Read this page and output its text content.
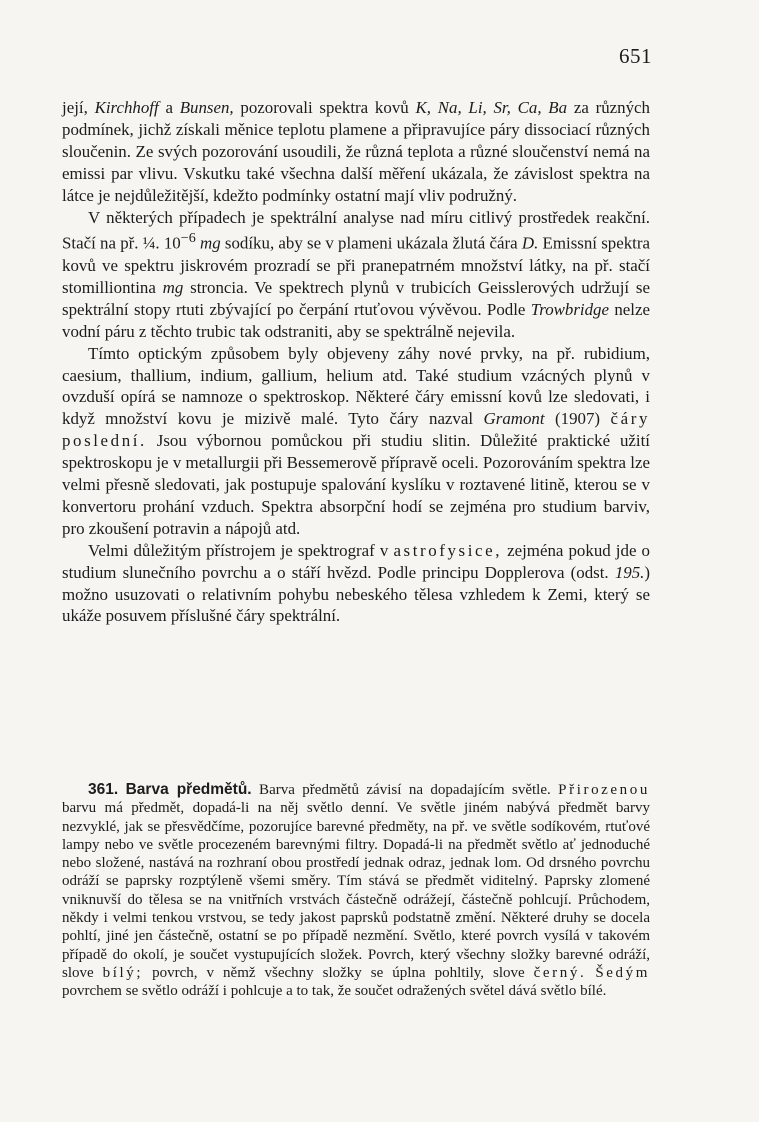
651

její, Kirchhoff a Bunsen, pozorovali spektra kovů K, Na, Li, Sr, Ca, Ba za různých podmínek, jichž získali měnice teplotu plamene a připravujíce páry dissociací různých sloučenin. Ze svých pozorování usoudili, že různá teplota a různé sloučenství nemá na emissi par vlivu. Vskutku také všechna další měření ukázala, že závislost spektra na látce je nejdůležitější, kdežto podmínky ostatní mají vliv podružný.

V některých případech je spektrální analyse nad míru citlivý prostředek reakční. Stačí na př. ¼. $10^{-6}$ mg sodíku, aby se v plameni ukázala žlutá čára D. Emissní spektra kovů ve spektru jiskrovém prozradí se při pranepatrném množství látky, na př. stačí stomilliontina mg stroncia. Ve spektrech plynů v trubicích Geisslerových udržují se spektrální stopy rtuti zbývající po čerpání rtuťovou vývěvou. Podle Trowbridge nelze vodní páru z těchto trubic tak odstraniti, aby se spektrálně nejevila.

Tímto optickým způsobem byly objeveny záhy nové prvky, na př. rubidium, caesium, thallium, indium, gallium, helium atd. Také studium vzácných plynů v ovzduší opírá se namnoze o spektroskop. Některé čáry emissní kovů lze sledovati, i když množství kovu je mizivě malé. Tyto čáry nazval Gramont (1907) čáry poslední. Jsou výbornou pomůckou při studiu slitin. Důležité praktické užití spektroskopu je v metallurgii při Bessemerově přípravě oceli. Pozorováním spektra lze velmi přesně sledovati, jak postupuje spalování kyslíku v roztavené litině, kterou se v konvertoru prohání vzduch. Spektra absorpční hodí se zejména pro studium barviv, pro zkoušení potravin a nápojů atd.

Velmi důležitým přístrojem je spektrograf v astrofysice, zejména pokud jde o studium slunečního povrchu a o stáří hvězd. Podle principu Dopplerova (odst. 195.) možno usuzovati o relativním pohybu nebeského tělesa vzhledem k Zemi, který se ukáže posuvem příslušné čáry spektrální.

361. Barva předmětů. Barva předmětů závisí na dopadajícím světle. Přirozenou barvu má předmět, dopadá-li na něj světlo denní. Ve světle jiném nabývá předmět barvy nezvyklé, jak se přesvědčíme, pozorujíce barevné předměty, na př. ve světle sodíkovém, rtuťové lampy nebo ve světle procezeném barevnými filtry. Dopadá-li na předmět světlo ať jednoduché nebo složené, nastává na rozhraní obou prostředí jednak odraz, jednak lom. Od drsného povrchu odráží se paprsky rozptýleně všemi směry. Tím stává se předmět viditelný. Paprsky zlomené vniknuvší do tělesa se na vnitřních vrstvách částečně odrážejí, částečně pohlcují. Průchodem, někdy i velmi tenkou vrstvou, se tedy jakost paprsků podstatně změní. Některé druhy se docela pohltí, jiné jen částečně, ostatní se po případě nezmění. Světlo, které povrch vysílá v takovém případě do okolí, je součet vystupujících složek. Povrch, který všechny složky barevné odráží, slove bílý; povrch, v němž všechny složky se úplna pohltily, slove černý. Šedým povrchem se světlo odráží i pohlcuje a to tak, že součet odražených světel dává světlo bílé.
